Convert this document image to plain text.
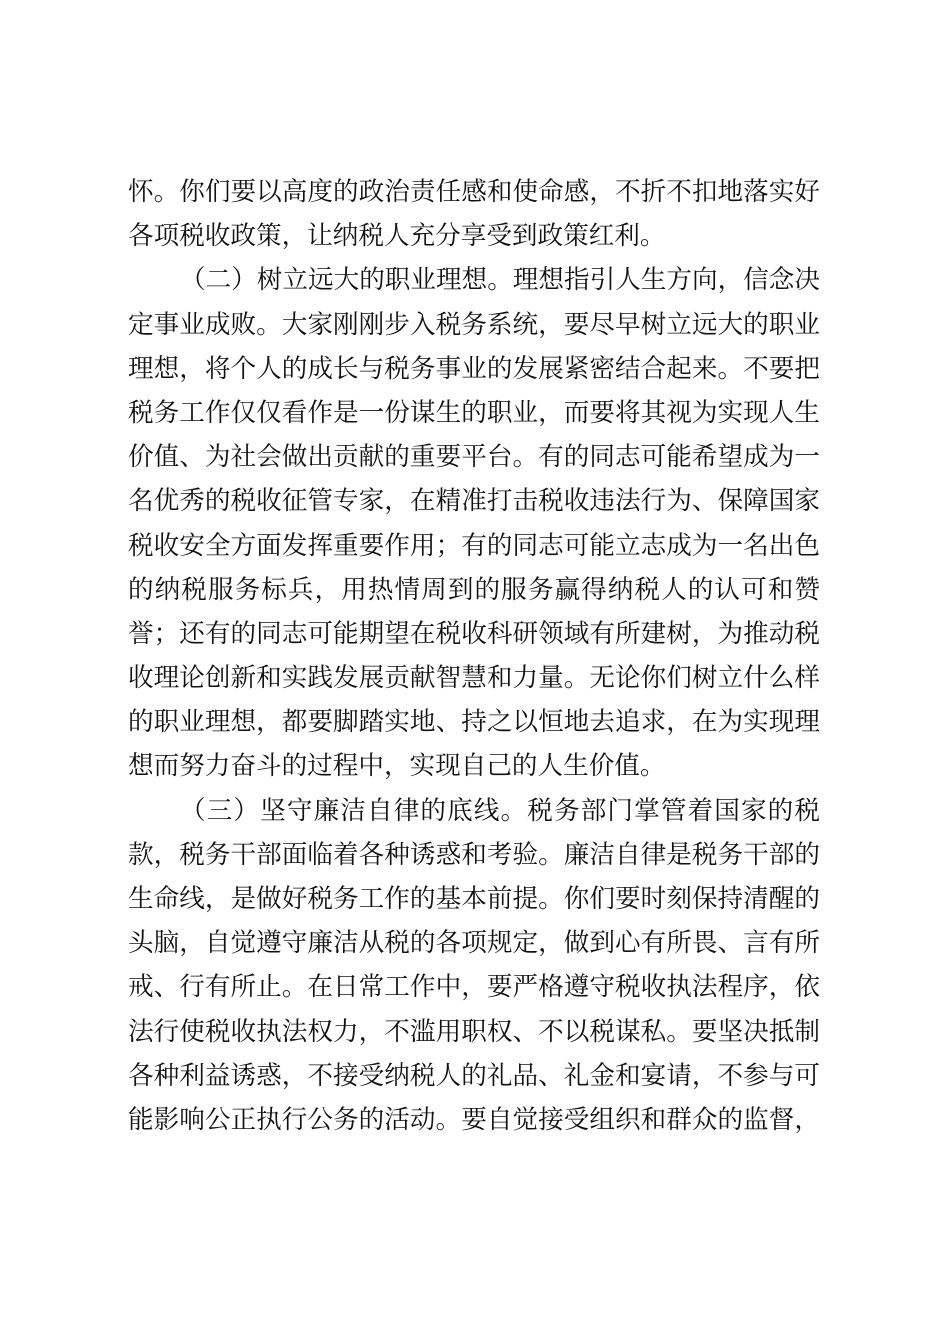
怀。你们要以高度的政治责任感和使命感，不折不扣地落实好
各项税收政策，让纳税人充分享受到政策红利。
（二）树立远大的职业理想。理想指引人生方向，信念决
定事业成败。大家刚刚步入税务系统，要尽早树立远大的职业
理想，将个人的成长与税务事业的发展紧密结合起来。不要把
税务工作仅仅看作是一份谋生的职业，而要将其视为实现人生
价值、为社会做出贡献的重要平台。有的同志可能希望成为一
名优秀的税收征管专家，在精准打击税收违法行为、保障国家
税收安全方面发挥重要作用；有的同志可能立志成为一名出色
的纳税服务标兵，用热情周到的服务赢得纳税人的认可和赞
誉；还有的同志可能期望在税收科研领域有所建树，为推动税
收理论创新和实践发展贡献智慧和力量。无论你们树立什么样
的职业理想，都要脚踏实地、持之以恒地去追求，在为实现理
想而努力奋斗的过程中，实现自己的人生价值。
（三）坚守廉洁自律的底线。税务部门掌管着国家的税
款，税务干部面临着各种诱惑和考验。廉洁自律是税务干部的
生命线，是做好税务工作的基本前提。你们要时刻保持清醒的
头脑，自觉遵守廉洁从税的各项规定，做到心有所畏、言有所
戒、行有所止。在日常工作中，要严格遵守税收执法程序，依
法行使税收执法权力，不滥用职权、不以税谋私。要坚决抵制
各种利益诱惑，不接受纳税人的礼品、礼金和宴请，不参与可
能影响公正执行公务的活动。要自觉接受组织和群众的监督，
